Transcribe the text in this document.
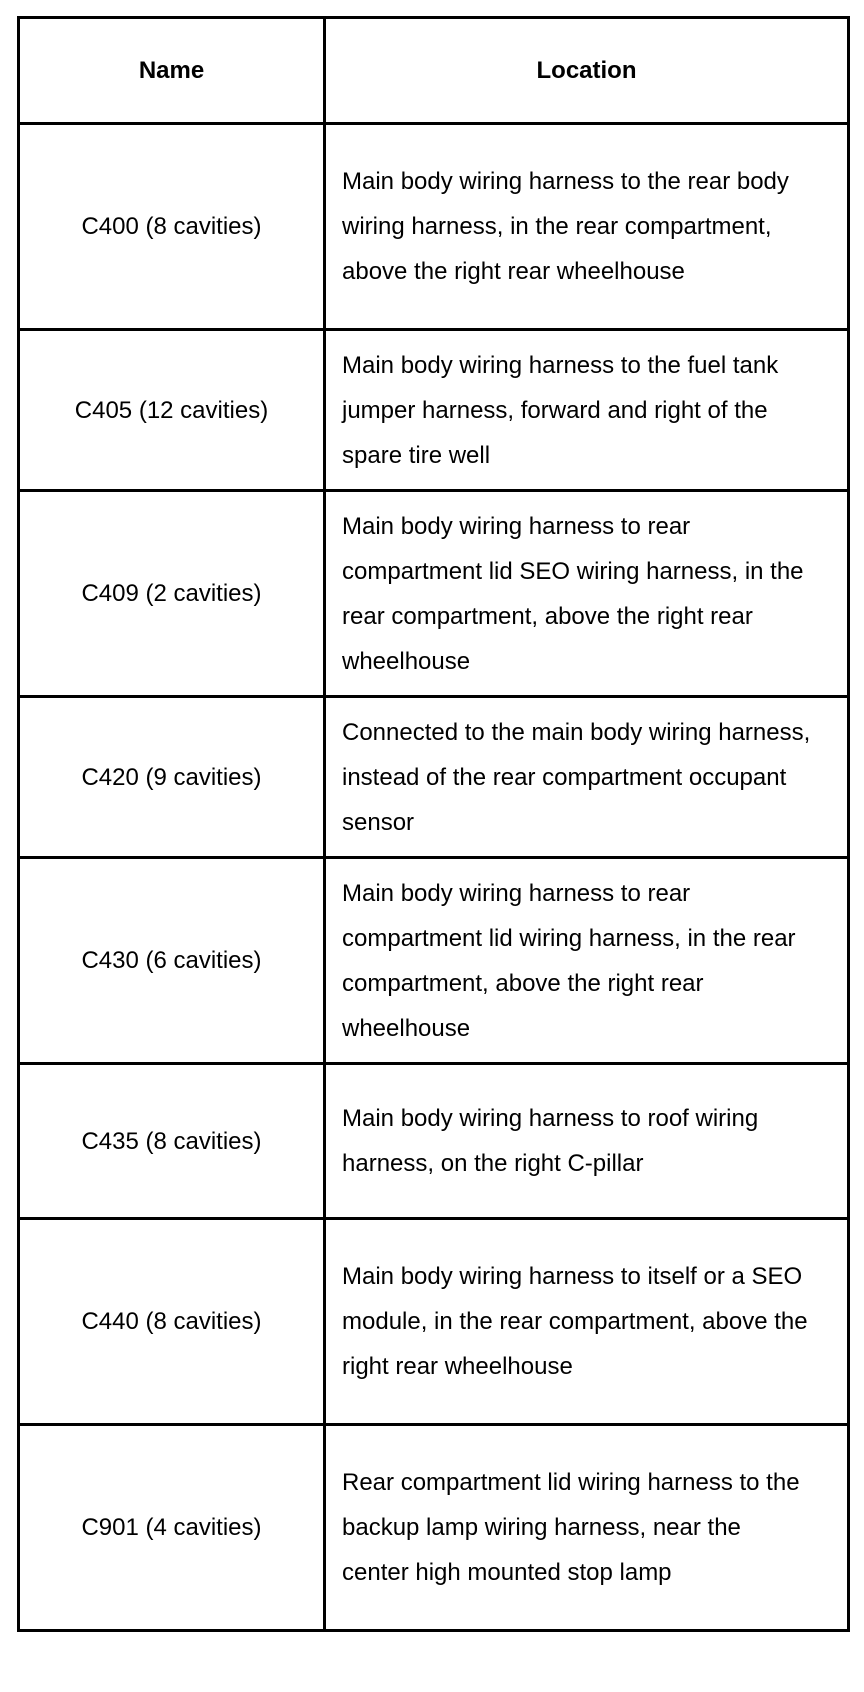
Name	Location
C400 (8 cavities)	Main body wiring harness to the rear body wiring harness, in the rear compartment, above the right rear wheelhouse
C405 (12 cavities)	Main body wiring harness to the fuel tank jumper harness, forward and right of the spare tire well
C409 (2 cavities)	Main body wiring harness to rear compartment lid SEO wiring harness, in the rear compartment, above the right rear wheelhouse
C420 (9 cavities)	Connected to the main body wiring harness, instead of the rear compartment occupant sensor
C430 (6 cavities)	Main body wiring harness to rear compartment lid wiring harness, in the rear compartment, above the right rear wheelhouse
C435 (8 cavities)	Main body wiring harness to roof wiring harness, on the right C-pillar
C440 (8 cavities)	Main body wiring harness to itself or a SEO module, in the rear compartment, above the right rear wheelhouse
C901 (4 cavities)	Rear compartment lid wiring harness to the backup lamp wiring harness, near the center high mounted stop lamp
